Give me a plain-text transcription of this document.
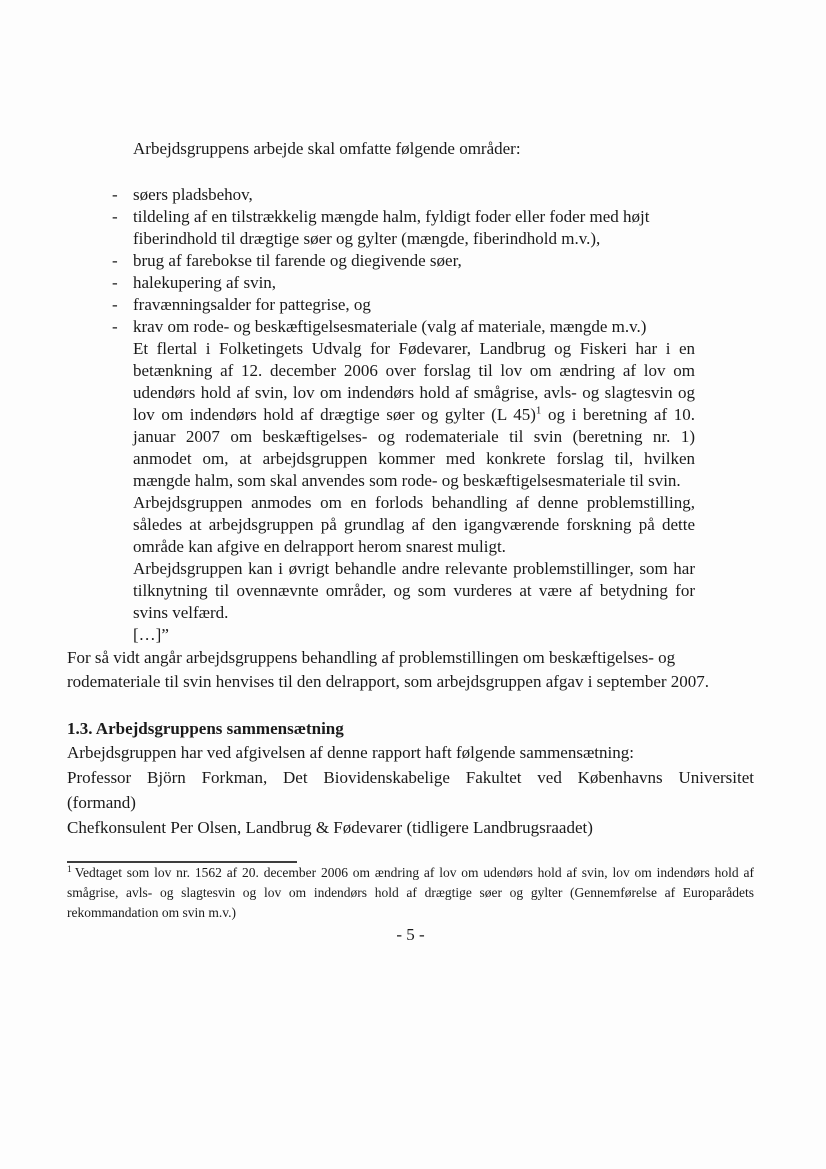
Arbejdsgruppens arbejde skal omfatte følgende områder:

- søers pladsbehov,
- tildeling af en tilstrækkelig mængde halm, fyldigt foder eller foder med højt fiberindhold til drægtige søer og gylter (mængde, fiberindhold m.v.),
- brug af farebokse til farende og diegivende søer,
- halekupering af svin,
- fravænningsalder for pattegrise, og
- krav om rode- og beskæftigelsesmateriale (valg af materiale, mængde m.v.)

Et flertal i Folketingets Udvalg for Fødevarer, Landbrug og Fiskeri har i en betænkning af 12. december 2006 over forslag til lov om ændring af lov om udendørs hold af svin, lov om indendørs hold af smågrise, avls- og slagtesvin og lov om indendørs hold af drægtige søer og gylter (L 45)$^1$ og i beretning af 10. januar 2007 om beskæftigelses- og rodemateriale til svin (beretning nr. 1) anmodet om, at arbejdsgruppen kommer med konkrete forslag til, hvilken mængde halm, som skal anvendes som rode- og beskæftigelsesmateriale til svin.

Arbejdsgruppen anmodes om en forlods behandling af denne problemstilling, således at arbejdsgruppen på grundlag af den igangværende forskning på dette område kan afgive en delrapport herom snarest muligt.

Arbejdsgruppen kan i øvrigt behandle andre relevante problemstillinger, som har tilknytning til ovennævnte områder, og som vurderes at være af betydning for svins velfærd.

[…]”

For så vidt angår arbejdsgruppens behandling af problemstillingen om beskæftigelses- og rodemateriale til svin henvises til den delrapport, som arbejdsgruppen afgav i september 2007.

1.3. Arbejdsgruppens sammensætning

Arbejdsgruppen har ved afgivelsen af denne rapport haft følgende sammensætning:

Professor Björn Forkman, Det Biovidenskabelige Fakultet ved Københavns Universitet (formand)

Chefkonsulent Per Olsen, Landbrug & Fødevarer (tidligere Landbrugsraadet)

$^1$ Vedtaget som lov nr. 1562 af 20. december 2006 om ændring af lov om udendørs hold af svin, lov om indendørs hold af smågrise, avls- og slagtesvin og lov om indendørs hold af drægtige søer og gylter (Gennemførelse af Europarådets rekommandation om svin m.v.)

- 5 -
